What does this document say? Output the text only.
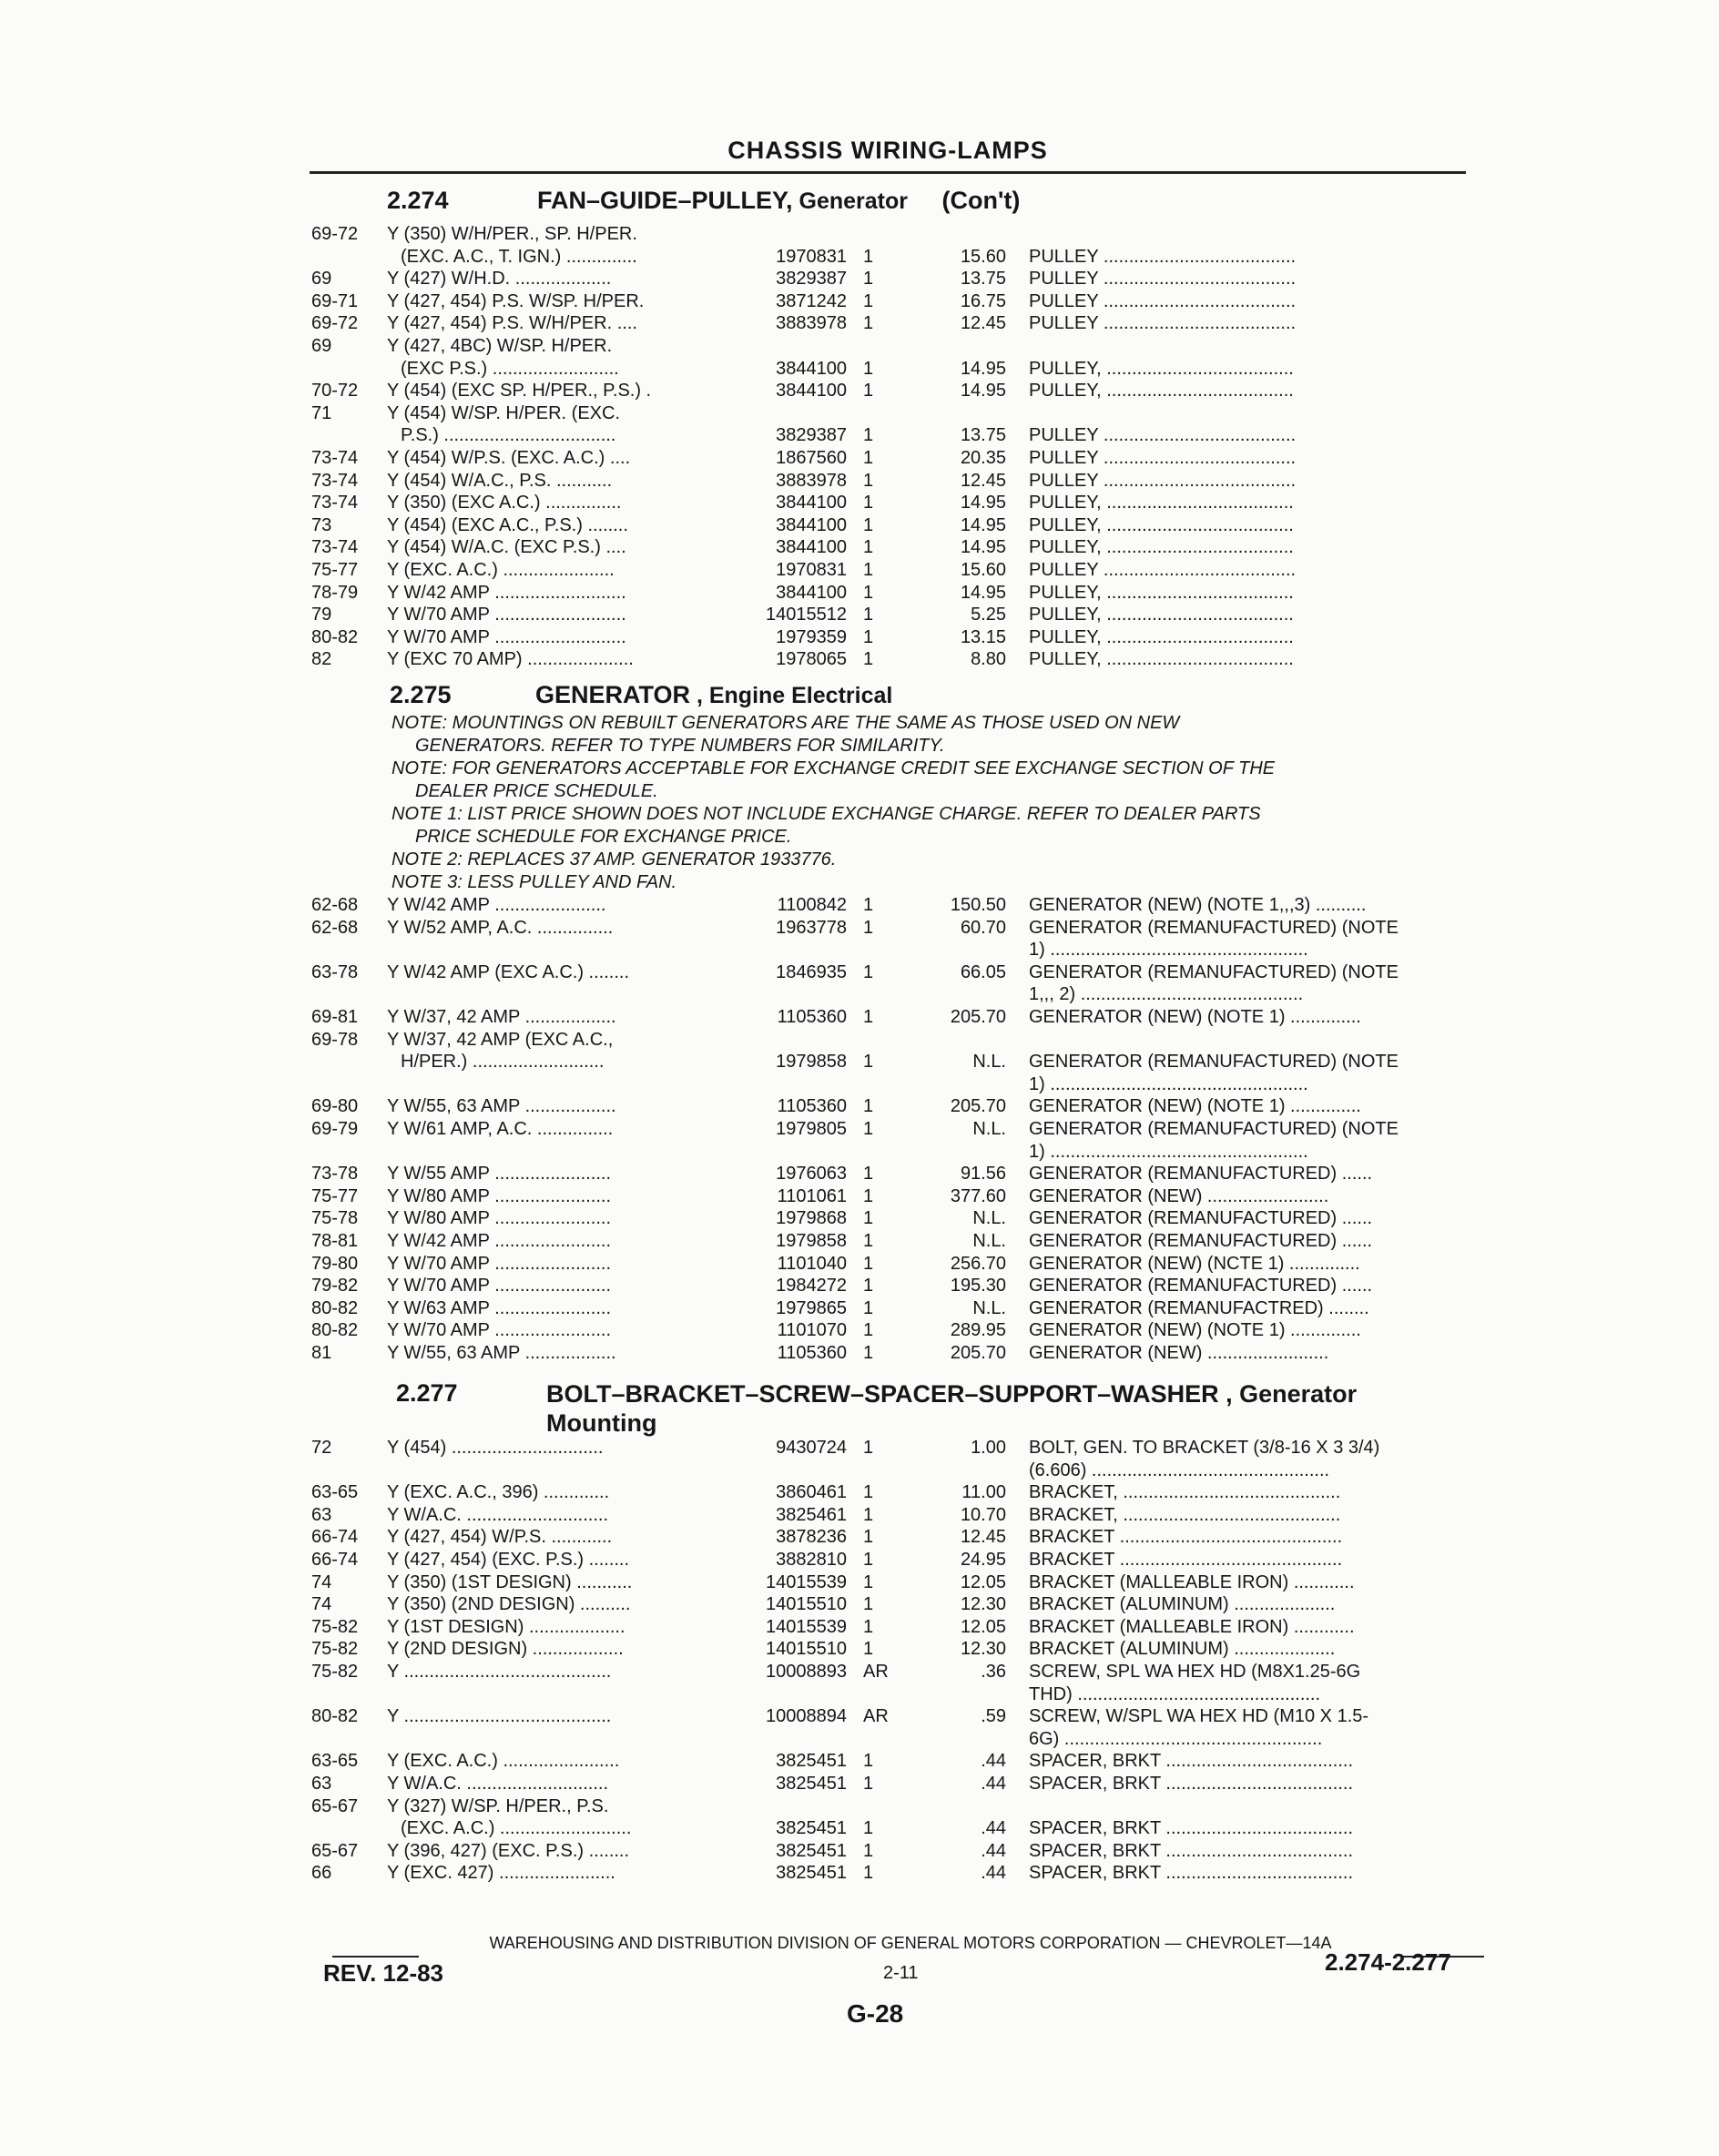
CHASSIS WIRING-LAMPS
2.274	FAN–GUIDE–PULLEY, Generator (Con't)
69-72 Y (350) W/H/PER., SP. H/PER.
(EXC. A.C., T. IGN.) ..............	1970831 1	15.60 PULLEY ......................................
69	Y (427) W/H.D. ...................	3829387 1	13.75 PULLEY ......................................
69-71 Y (427, 454) P.S. W/SP. H/PER.	3871242 1	16.75 PULLEY ......................................
69-72 Y (427, 454) P.S. W/H/PER. ....	3883978 1	12.45 PULLEY ......................................
69	Y (427, 4BC) W/SP. H/PER.
(EXC P.S.) .........................	3844100 1	14.95 PULLEY, .....................................
70-72 Y (454) (EXC SP. H/PER., P.S.) .	3844100 1	14.95 PULLEY, .....................................
71	Y (454) W/SP. H/PER. (EXC.
P.S.) ..................................	3829387 1	13.75 PULLEY ......................................
73-74 Y (454) W/P.S. (EXC. A.C.) ....	1867560 1	20.35 PULLEY ......................................
73-74 Y (454) W/A.C., P.S. ...........	3883978 1	12.45 PULLEY ......................................
73-74 Y (350) (EXC A.C.) ...............	3844100 1	14.95 PULLEY, .....................................
73	Y (454) (EXC A.C., P.S.) ........	3844100 1	14.95 PULLEY, .....................................
73-74 Y (454) W/A.C. (EXC P.S.) ....	3844100 1	14.95 PULLEY, .....................................
75-77 Y (EXC. A.C.) ......................	1970831 1	15.60 PULLEY ......................................
78-79 Y W/42 AMP ..........................	3844100 1	14.95 PULLEY, .....................................
79	Y W/70 AMP ..........................	14015512 1	5.25 PULLEY, .....................................
80-82 Y W/70 AMP ..........................	1979359 1	13.15 PULLEY, .....................................
82	Y (EXC 70 AMP) .....................	1978065 1	8.80 PULLEY, .....................................
2.275	GENERATOR , Engine Electrical
NOTE: MOUNTINGS ON REBUILT GENERATORS ARE THE SAME AS THOSE USED ON NEW
GENERATORS. REFER TO TYPE NUMBERS FOR SIMILARITY.
NOTE: FOR GENERATORS ACCEPTABLE FOR EXCHANGE CREDIT SEE EXCHANGE SECTION OF THE
DEALER PRICE SCHEDULE.
NOTE 1: LIST PRICE SHOWN DOES NOT INCLUDE EXCHANGE CHARGE. REFER TO DEALER PARTS
PRICE SCHEDULE FOR EXCHANGE PRICE.
NOTE 2: REPLACES 37 AMP. GENERATOR 1933776.
NOTE 3: LESS PULLEY AND FAN.
62-68 Y W/42 AMP ......................	1100842 1	150.50 GENERATOR (NEW) (NOTE 1,,,3) ..........
62-68 Y W/52 AMP, A.C. ...............	1963778 1	60.70 GENERATOR (REMANUFACTURED) (NOTE
1) ...................................................
63-78 Y W/42 AMP (EXC A.C.) ........	1846935 1	66.05 GENERATOR (REMANUFACTURED) (NOTE
1,,, 2) ............................................
69-81 Y W/37, 42 AMP ..................	1105360 1	205.70 GENERATOR (NEW) (NOTE 1) ..............
69-78 Y W/37, 42 AMP (EXC A.C.,
H/PER.) ..........................	1979858 1	N.L. GENERATOR (REMANUFACTURED) (NOTE
1) ...................................................
69-80 Y W/55, 63 AMP ..................	1105360 1	205.70 GENERATOR (NEW) (NOTE 1) ..............
69-79 Y W/61 AMP, A.C. ...............	1979805 1	N.L. GENERATOR (REMANUFACTURED) (NOTE
1) ...................................................
73-78 Y W/55 AMP .......................	1976063 1	91.56 GENERATOR (REMANUFACTURED) ......
75-77 Y W/80 AMP .......................	1101061 1	377.60 GENERATOR (NEW) ........................
75-78 Y W/80 AMP .......................	1979868 1	N.L. GENERATOR (REMANUFACTURED) ......
78-81 Y W/42 AMP .......................	1979858 1	N.L. GENERATOR (REMANUFACTURED) ......
79-80 Y W/70 AMP .......................	1101040 1	256.70 GENERATOR (NEW) (NCTE 1) ..............
79-82 Y W/70 AMP .......................	1984272 1	195.30 GENERATOR (REMANUFACTURED) ......
80-82 Y W/63 AMP .......................	1979865 1	N.L. GENERATOR (REMANUFACTRED) ........
80-82 Y W/70 AMP .......................	1101070 1	289.95 GENERATOR (NEW) (NOTE 1) ..............
81	Y W/55, 63 AMP ..................	1105360 1	205.70 GENERATOR (NEW) ........................
2.277	BOLT–BRACKET–SCREW–SPACER–SUPPORT–WASHER , Generator
Mounting
72	Y (454) ..............................	9430724 1	1.00 BOLT, GEN. TO BRACKET (3/8-16 X 3 3/4)
(6.606) ...............................................
63-65 Y (EXC. A.C., 396) .............	3860461 1	11.00 BRACKET, ...........................................
63	Y W/A.C. ............................	3825461 1	10.70 BRACKET, ...........................................
66-74 Y (427, 454) W/P.S. ............	3878236 1	12.45 BRACKET ............................................
66-74 Y (427, 454) (EXC. P.S.) ........	3882810 1	24.95 BRACKET ............................................
74	Y (350) (1ST DESIGN) ...........	14015539 1	12.05 BRACKET (MALLEABLE IRON) ............
74	Y (350) (2ND DESIGN) ..........	14015510 1	12.30 BRACKET (ALUMINUM) ....................
75-82 Y (1ST DESIGN) ...................	14015539 1	12.05 BRACKET (MALLEABLE IRON) ............
75-82 Y (2ND DESIGN) ..................	14015510 1	12.30 BRACKET (ALUMINUM) ....................
75-82 Y .........................................	10008893 AR	.36 SCREW, SPL WA HEX HD (M8X1.25-6G
THD) ................................................
80-82 Y .........................................	10008894 AR	.59 SCREW, W/SPL WA HEX HD (M10 X 1.5-
6G) ...................................................
63-65 Y (EXC. A.C.) .......................	3825451 1	.44 SPACER, BRKT .....................................
63	Y W/A.C. ............................	3825451 1	.44 SPACER, BRKT .....................................
65-67 Y (327) W/SP. H/PER., P.S.
(EXC. A.C.) ..........................	3825451 1	.44 SPACER, BRKT .....................................
65-67 Y (396, 427) (EXC. P.S.) ........	3825451 1	.44 SPACER, BRKT .....................................
66	Y (EXC. 427) .......................	3825451 1	.44 SPACER, BRKT .....................................
WAREHOUSING AND DISTRIBUTION DIVISION OF GENERAL MOTORS CORPORATION — CHEVROLET—14A
REV. 12-83	2-11	2.274-2.277
G-28
